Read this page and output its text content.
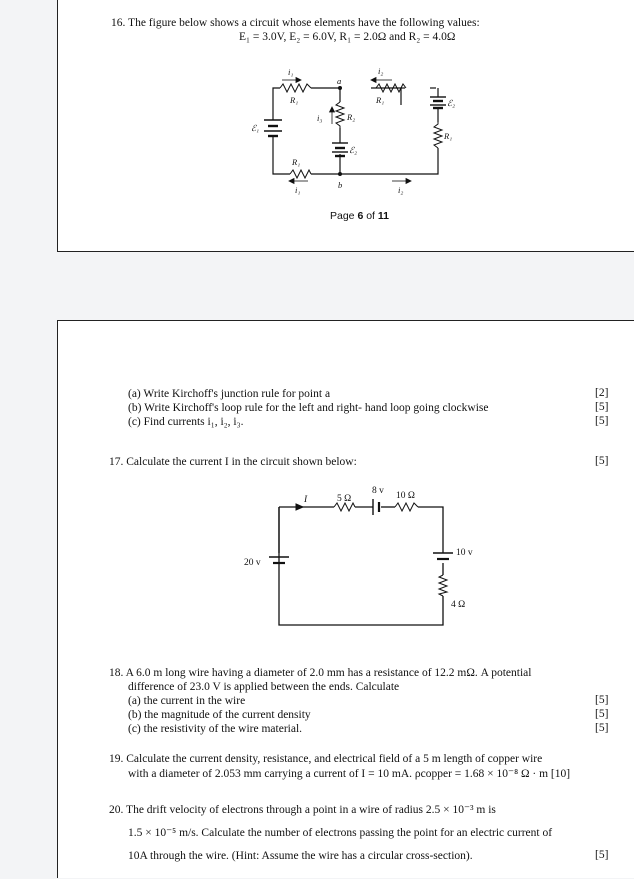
16. The figure below shows a circuit whose elements have the following values:
E₁ = 3.0V, E₂ = 6.0V, R₁ = 2.0Ω and R₂ = 4.0Ω
i₁
a
i₂
R₁	R₁
i₃	R₂
ℰ₂
R₁
ℰ₁
R₁
ℰ₂
b
i₁	i₂
Page 6 of 11
(a) Write Kirchoff's junction rule for point a	[2]
(b) Write Kirchoff's loop rule for the left and right- hand loop going clockwise	[5]
(c) Find currents i₁, i₂, i₃.	[5]
17. Calculate the current I in the circuit shown below:	[5]
I	5 Ω
8 v 10 Ω
20 v
10 v
4 Ω
18. A 6.0 m long wire having a diameter of 2.0 mm has a resistance of 12.2 mΩ. A potential
difference of 23.0 V is applied between the ends. Calculate
(a) the current in the wire	[5]
(b) the magnitude of the current density	[5]
(c) the resistivity of the wire material.	[5]
19. Calculate the current density, resistance, and electrical field of a 5 m length of copper wire
with a diameter of 2.053 mm carrying a current of I = 10 mA. ρcopper = 1.68 × 10⁻⁸ Ω · m [10]
20. The drift velocity of electrons through a point in a wire of radius 2.5 × 10⁻³ m is
1.5 × 10⁻⁵ m/s. Calculate the number of electrons passing the point for an electric current of
10A through the wire. (Hint: Assume the wire has a circular cross-section).	[5]
